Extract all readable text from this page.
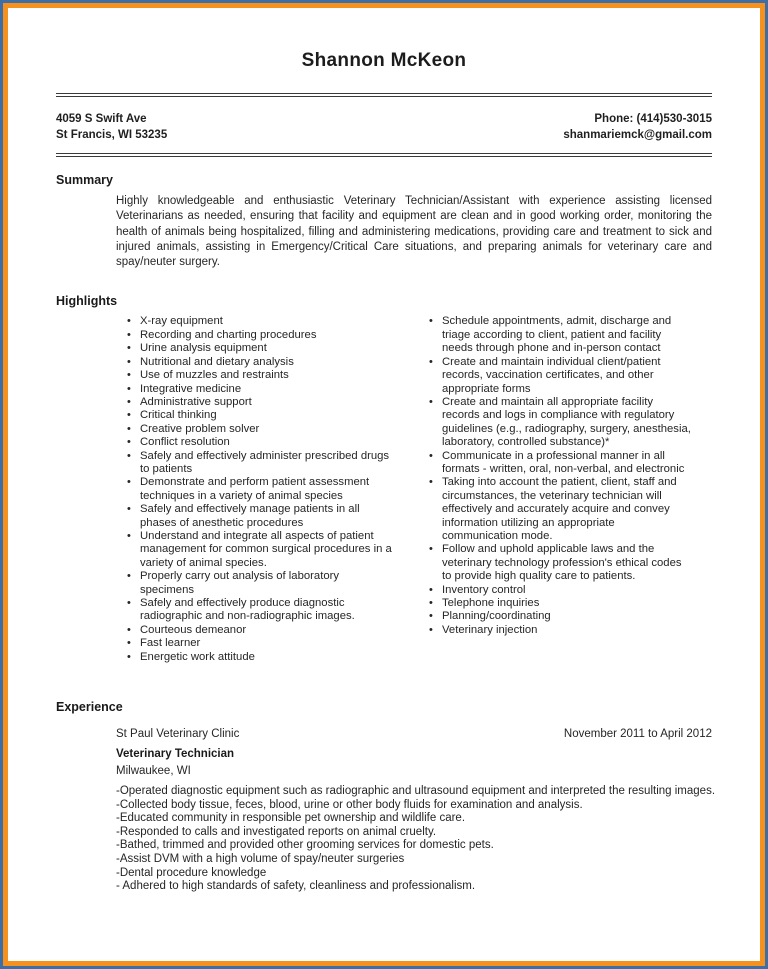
Shannon McKeon
4059 S Swift Ave
St Francis, WI 53235
Phone: (414)530-3015
shanmariemck@gmail.com
Summary

Highly knowledgeable and enthusiastic Veterinary Technician/Assistant with experience assisting licensed Veterinarians as needed, ensuring that facility and equipment are clean and in good working order, monitoring the health of animals being hospitalized, filling and administering medications, providing care and treatment to sick and injured animals, assisting in Emergency/Critical Care situations, and preparing animals for veterinary care and spay/neuter surgery.

Highlights
• X-ray equipment
• Recording and charting procedures
• Urine analysis equipment
• Nutritional and dietary analysis
• Use of muzzles and restraints
• Integrative medicine
• Administrative support
• Critical thinking
• Creative problem solver
• Conflict resolution
• Safely and effectively administer prescribed drugs to patients
• Demonstrate and perform patient assessment techniques in a variety of animal species
• Safely and effectively manage patients in all phases of anesthetic procedures
• Understand and integrate all aspects of patient management for common surgical procedures in a variety of animal species.
• Properly carry out analysis of laboratory specimens
• Safely and effectively produce diagnostic radiographic and non-radiographic images.
• Courteous demeanor
• Fast learner
• Energetic work attitude
• Schedule appointments, admit, discharge and triage according to client, patient and facility needs through phone and in-person contact
• Create and maintain individual client/patient records, vaccination certificates, and other appropriate forms
• Create and maintain all appropriate facility records and logs in compliance with regulatory guidelines (e.g., radiography, surgery, anesthesia, laboratory, controlled substance)*
• Communicate in a professional manner in all formats - written, oral, non-verbal, and electronic
• Taking into account the patient, client, staff and circumstances, the veterinary technician will effectively and accurately acquire and convey information utilizing an appropriate communication mode.
• Follow and uphold applicable laws and the veterinary technology profession's ethical codes to provide high quality care to patients.
• Inventory control
• Telephone inquiries
• Planning/coordinating
• Veterinary injection
Experience
St Paul Veterinary Clinic	November 2011 to April 2012
Veterinary Technician
Milwaukee, WI
-Operated diagnostic equipment such as radiographic and ultrasound equipment and interpreted the resulting images.
-Collected body tissue, feces, blood, urine or other body fluids for examination and analysis.
-Educated community in responsible pet ownership and wildlife care.
-Responded to calls and investigated reports on animal cruelty.
-Bathed, trimmed and provided other grooming services for domestic pets.
-Assist DVM with a high volume of spay/neuter surgeries
-Dental procedure knowledge
- Adhered to high standards of safety, cleanliness and professionalism.
